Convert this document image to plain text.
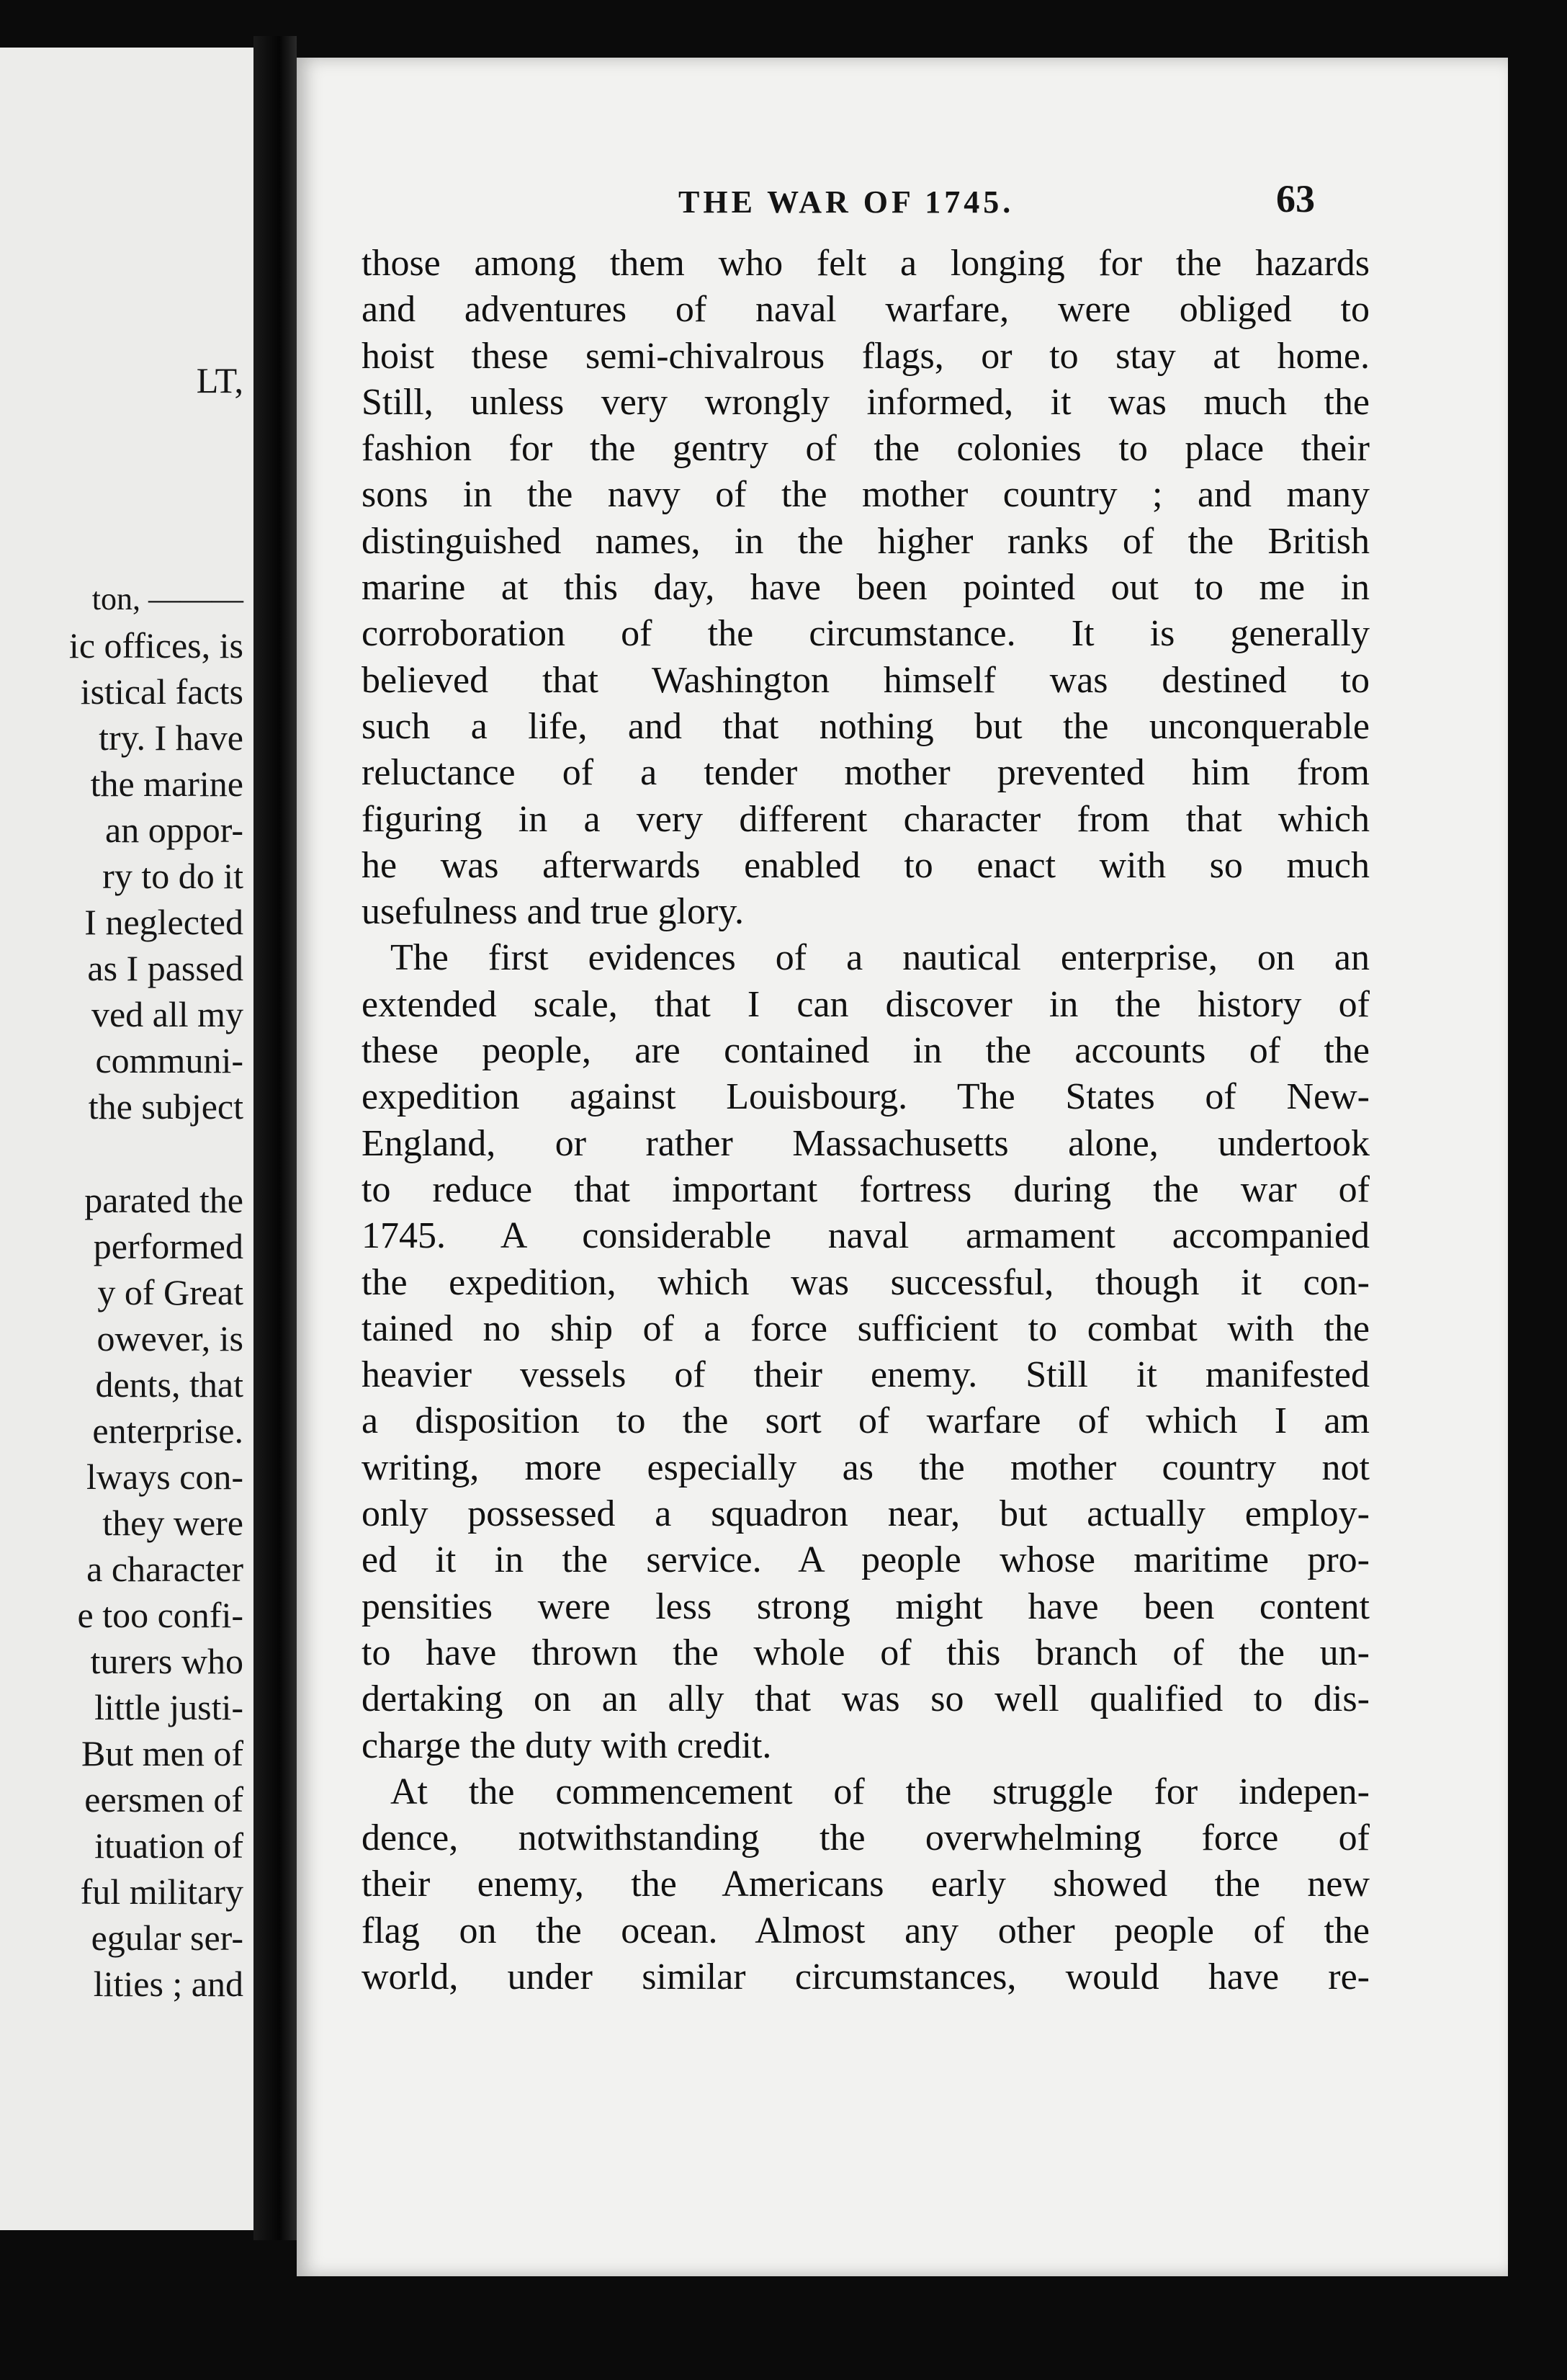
LT,
ton, ———
ic offices, is
istical facts
try. I have
the marine
an oppor-
ry to do it
I neglected
as I passed
ved all my
communi-
the subject
parated the
performed
y of Great
owever, is
dents, that
enterprise.
lways con-
they were
a character
e too confi-
turers who
little justi-
But men of
eersmen of
ituation of
ful military
egular ser-
lities ; and
THE WAR OF 1745.	63
those among them who felt a longing for the hazards
and adventures of naval warfare, were obliged to
hoist these semi-chivalrous flags, or to stay at home.
Still, unless very wrongly informed, it was much the
fashion for the gentry of the colonies to place their
sons in the navy of the mother country ; and many
distinguished names, in the higher ranks of the British
marine at this day, have been pointed out to me in
corroboration of the circumstance. It is generally
believed that Washington himself was destined to
such a life, and that nothing but the unconquerable
reluctance of a tender mother prevented him from
figuring in a very different character from that which
he was afterwards enabled to enact with so much
usefulness and true glory.
The first evidences of a nautical enterprise, on an
extended scale, that I can discover in the history of
these people, are contained in the accounts of the
expedition against Louisbourg. The States of New-
England, or rather Massachusetts alone, undertook
to reduce that important fortress during the war of
1745. A considerable naval armament accompanied
the expedition, which was successful, though it con-
tained no ship of a force sufficient to combat with the
heavier vessels of their enemy. Still it manifested
a disposition to the sort of warfare of which I am
writing, more especially as the mother country not
only possessed a squadron near, but actually employ-
ed it in the service. A people whose maritime pro-
pensities were less strong might have been content
to have thrown the whole of this branch of the un-
dertaking on an ally that was so well qualified to dis-
charge the duty with credit.
At the commencement of the struggle for indepen-
dence, notwithstanding the overwhelming force of
their enemy, the Americans early showed the new
flag on the ocean. Almost any other people of the
world, under similar circumstances, would have re-
